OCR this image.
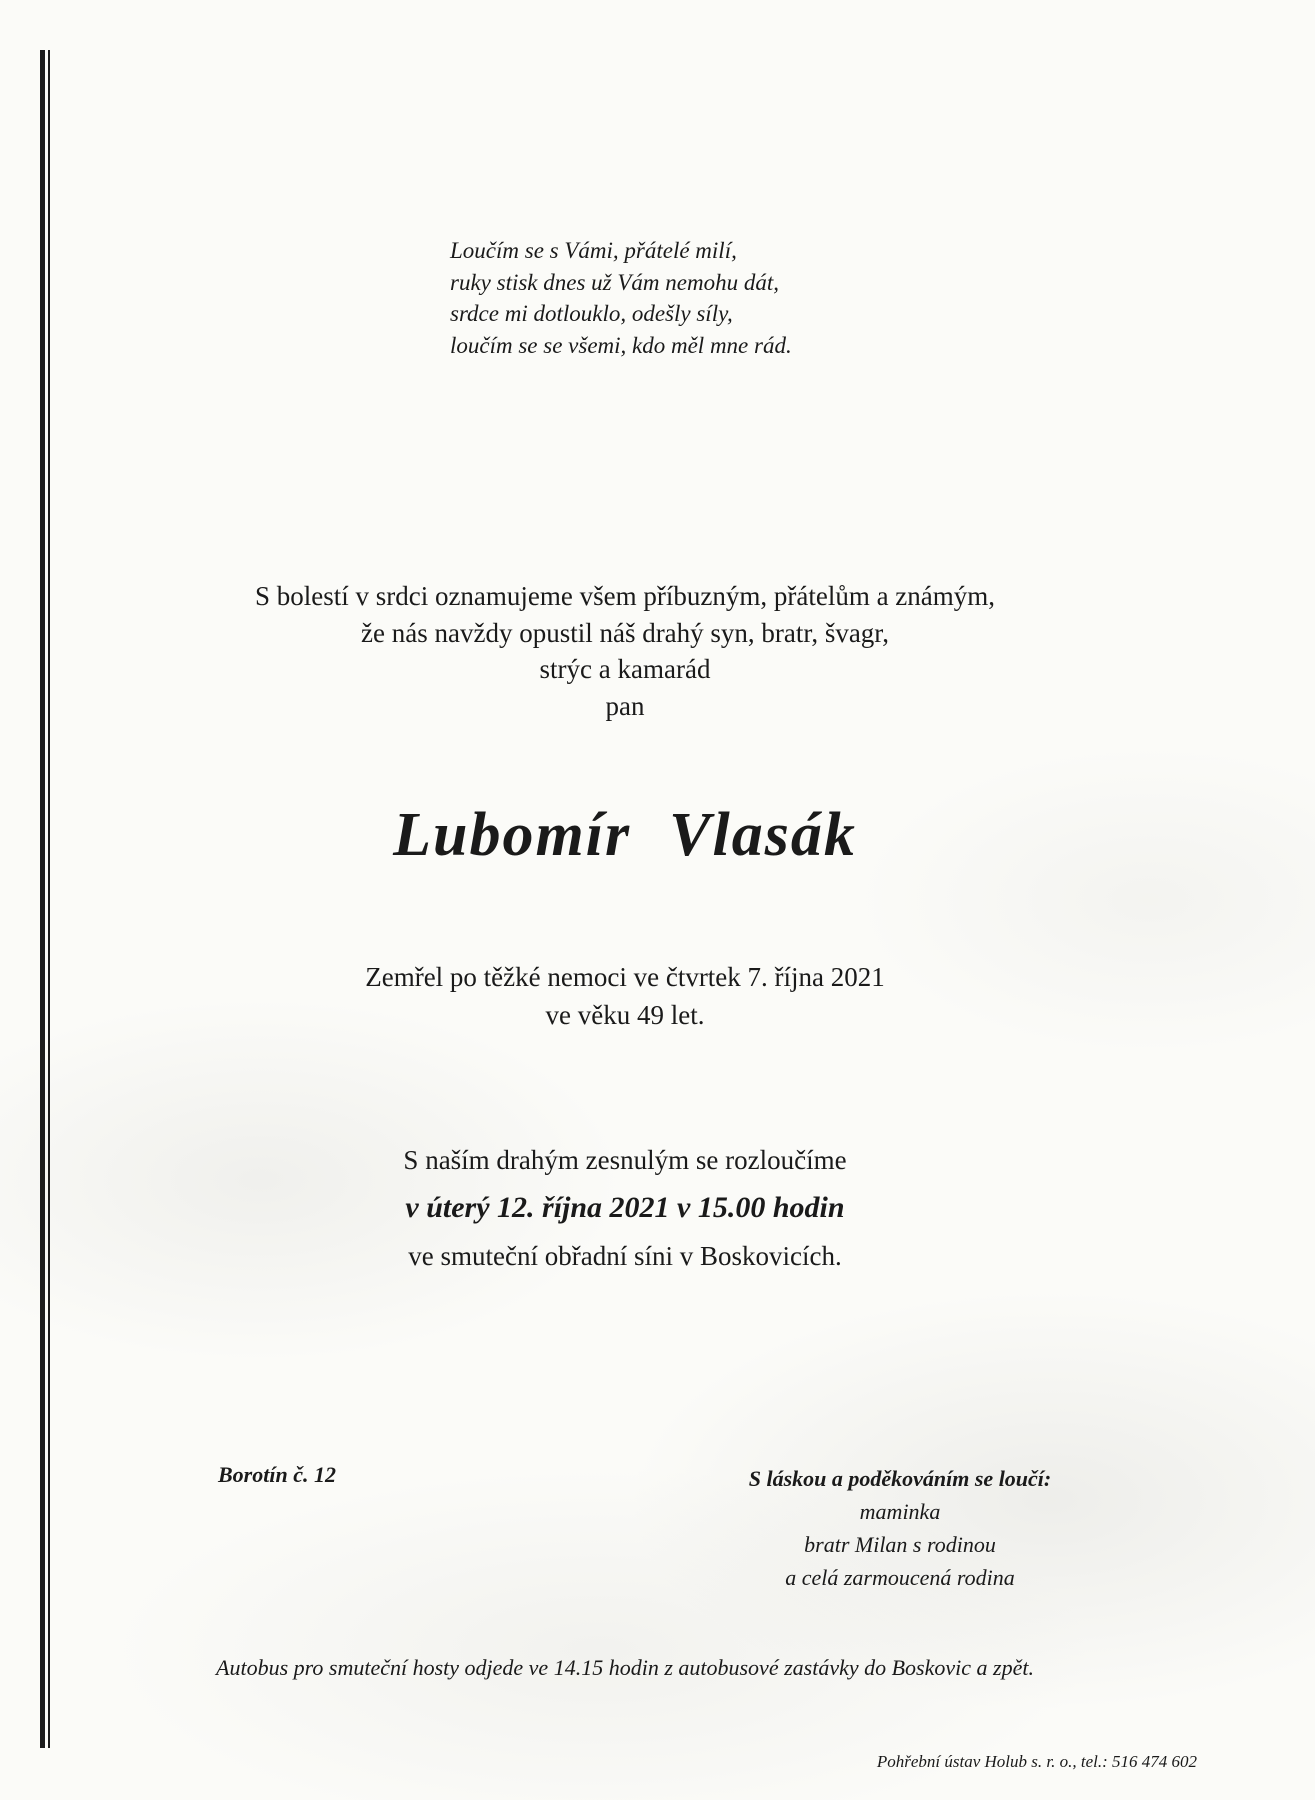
Loučím se s Vámi, přátelé milí,
ruky stisk dnes už Vám nemohu dát,
srdce mi dotlouklo, odešly síly,
loučím se se všemi, kdo měl mne rád.
S bolestí v srdci oznamujeme všem příbuzným, přátelům a známým,
že nás navždy opustil náš drahý syn, bratr, švagr,
strýc a kamarád
pan
Lubomír Vlasák
Zemřel po těžké nemoci ve čtvrtek 7. října 2021
ve věku 49 let.
S naším drahým zesnulým se rozloučíme
v úterý 12. října 2021 v 15.00 hodin
ve smuteční obřadní síni v Boskovicích.
Borotín č. 12	S láskou a poděkováním se loučí:
maminka
bratr Milan s rodinou
a celá zarmoucená rodina
Autobus pro smuteční hosty odjede ve 14.15 hodin z autobusové zastávky do Boskovic a zpět.
Pohřební ústav Holub s. r. o., tel.: 516 474 602
